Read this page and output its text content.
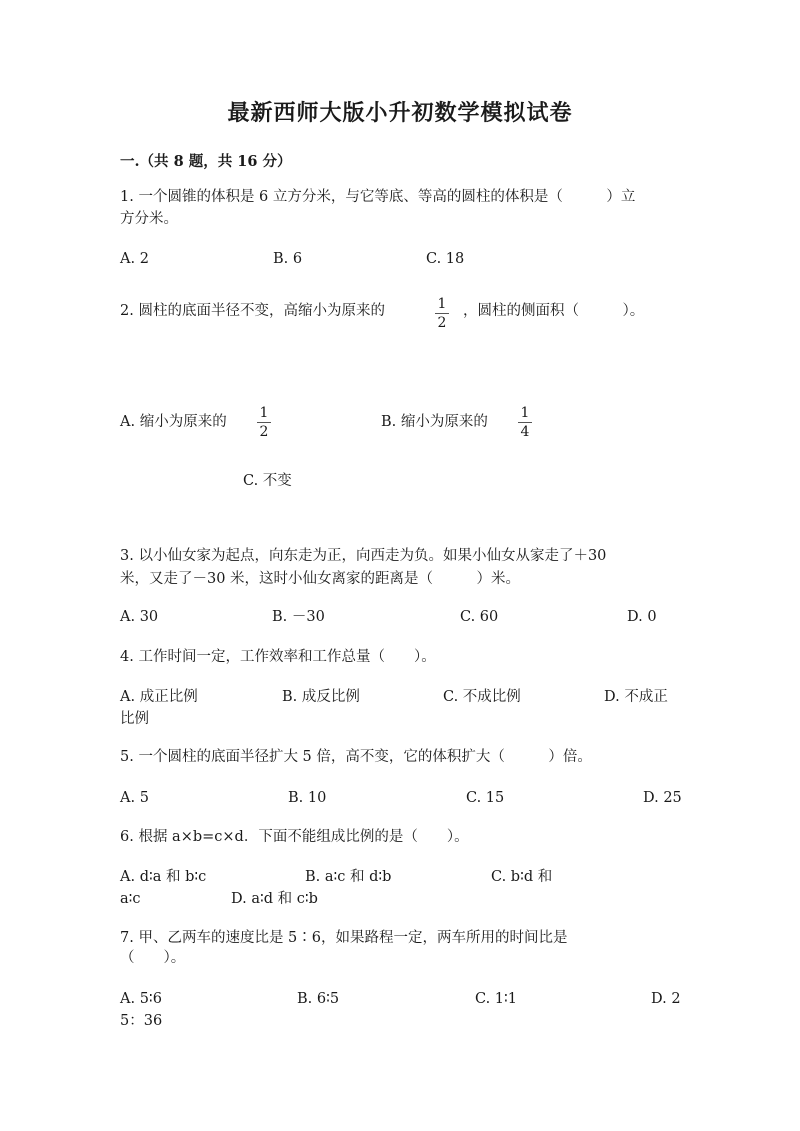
最新西师大版小升初数学模拟试卷
一.（共 8 题，共 16 分）
1. 一个圆锥的体积是 6 立方分米，与它等底、等高的圆柱的体积是（　　　）立
方分米。
A. 2	B. 6	C. 18
2. 圆柱的底面半径不变，高缩小为原来的	$\frac{1}{2}$ ，圆柱的侧面积（　　　）。
A. 缩小为原来的 $\frac{1}{2}$	B. 缩小为原来的 $\frac{1}{4}$
C. 不变
3. 以小仙女家为起点，向东走为正，向西走为负。如果小仙女从家走了＋30
米，又走了－30 米，这时小仙女离家的距离是（　　　）米。
A. 30	B. －30	C. 60	D. 0
4. 工作时间一定，工作效率和工作总量（　　）。
A. 成正比例	B. 成反比例	C. 不成比例	D. 不成正
比例
5. 一个圆柱的底面半径扩大 5 倍，高不变，它的体积扩大（　　　）倍。
A. 5	B. 10	C. 15	D. 25
6. 根据 a×b=c×d．下面不能组成比例的是（　　）。
A. d∶a 和 b∶c	B. a∶c 和 d∶b	C. b∶d 和
a∶c	D. a∶d 和 c∶b
7. 甲、乙两车的速度比是 5∶6，如果路程一定，两车所用的时间比是
（　　）。
A. 5∶6	B. 6∶5	C. 1∶1	D. 2
5：36
